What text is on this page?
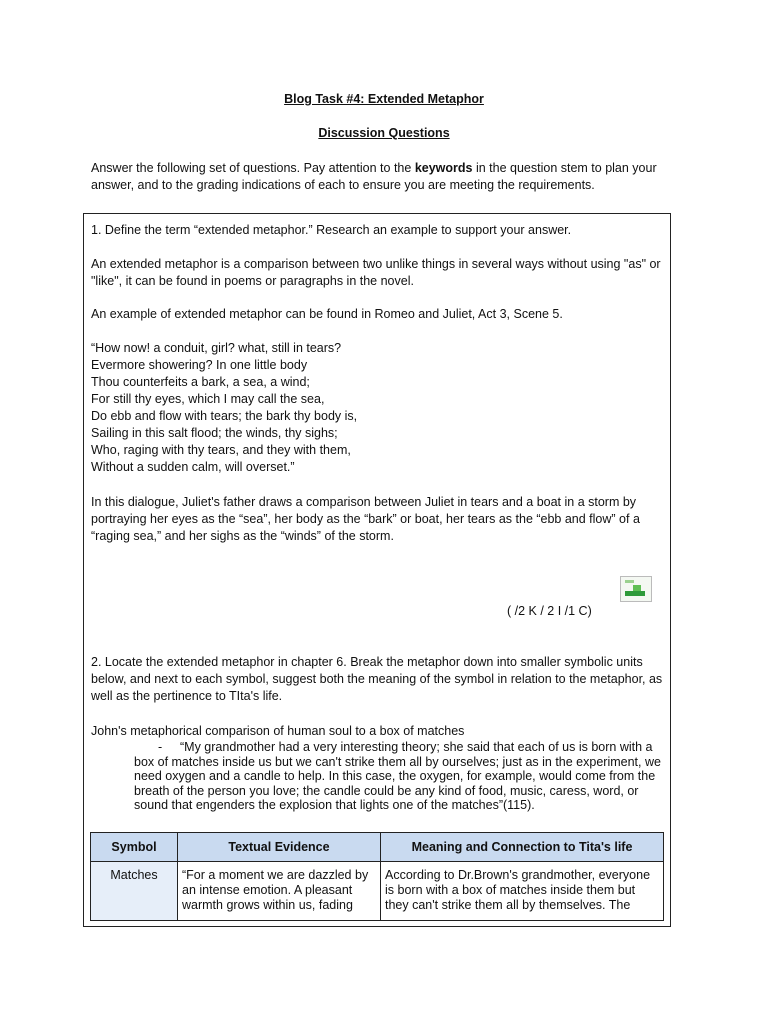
Blog Task #4: Extended Metaphor
Discussion Questions
Answer the following set of questions. Pay attention to the keywords in the question stem to plan your answer, and to the grading indications of each to ensure you are meeting the requirements.
1. Define the term “extended metaphor.” Research an example to support your answer.
An extended metaphor is a comparison between two unlike things in several ways without using "as" or "like", it can be found in poems or paragraphs in the novel.
An example of extended metaphor can be found in Romeo and Juliet, Act 3, Scene 5.
“How now! a conduit, girl? what, still in tears?
Evermore showering? In one little body
Thou counterfeits a bark, a sea, a wind;
For still thy eyes, which I may call the sea,
Do ebb and flow with tears; the bark thy body is,
Sailing in this salt flood; the winds, thy sighs;
Who, raging with thy tears, and they with them,
Without a sudden calm, will overset.”
In this dialogue, Juliet's father draws a comparison between Juliet in tears and a boat in a storm by portraying her eyes as the “sea”, her body as the “bark” or boat, her tears as the “ebb and flow” of a “raging sea,” and her sighs as the “winds” of the storm.
( /2 K / 2 I /1 C)
2. Locate the extended metaphor in chapter 6. Break the metaphor down into smaller symbolic units below, and next to each symbol, suggest both the meaning of the symbol in relation to the metaphor, as well as the pertinence to TIta's life.
John's metaphorical comparison of human soul to a box of matches
-	“My grandmother had a very interesting theory; she said that each of us is born with a box of matches inside us but we can't strike them all by ourselves; just as in the experiment, we need oxygen and a candle to help. In this case, the oxygen, for example, would come from the breath of the person you love; the candle could be any kind of food, music, caress, word, or sound that engenders the explosion that lights one of the matches”(115).
Symbol	Textual Evidence	Meaning and Connection to Tita's life
Matches	“For a moment we are dazzled by an intense emotion. A pleasant warmth grows within us, fading	According to Dr.Brown's grandmother, everyone is born with a box of matches inside them but they can't strike them all by themselves. The
